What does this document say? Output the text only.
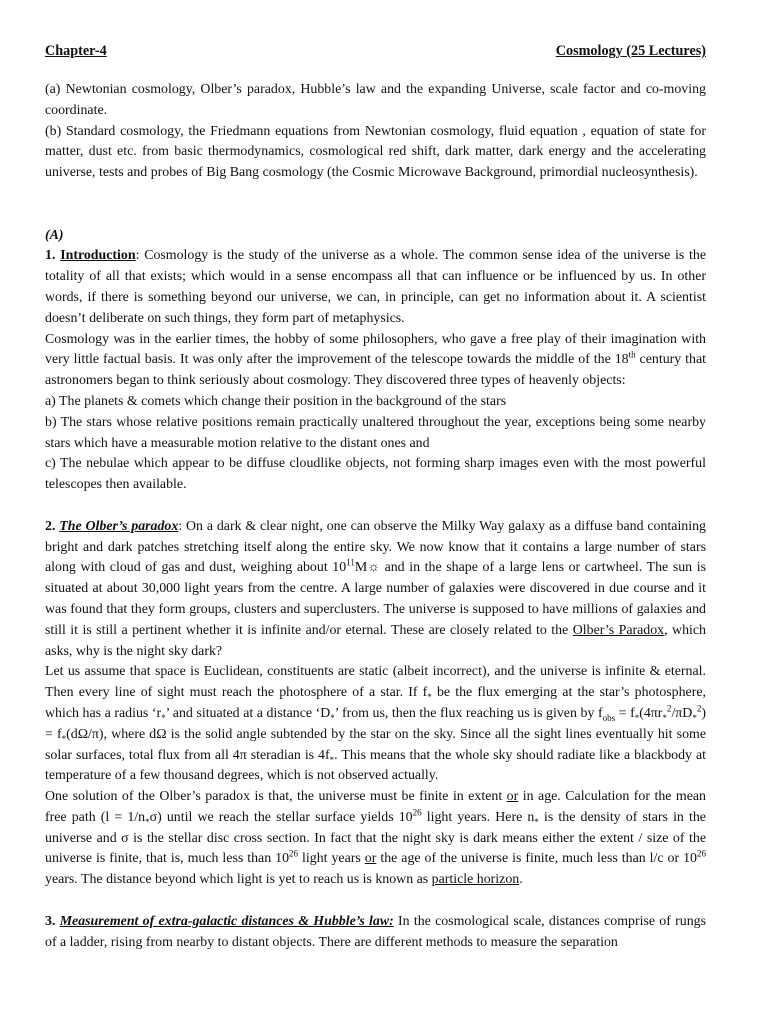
Chapter-4	Cosmology (25 Lectures)

(a) Newtonian cosmology, Olber’s paradox, Hubble’s law and the expanding Universe, scale factor and co-moving coordinate.

(b) Standard cosmology, the Friedmann equations from Newtonian cosmology, fluid equation , equation of state for matter, dust etc. from basic thermodynamics, cosmological red shift, dark matter, dark energy and the accelerating universe, tests and probes of Big Bang cosmology (the Cosmic Microwave Background, primordial nucleosynthesis).

(A)

1. Introduction: Cosmology is the study of the universe as a whole. The common sense idea of the universe is the totality of all that exists; which would in a sense encompass all that can influence or be influenced by us. In other words, if there is something beyond our universe, we can, in principle, can get no information about it. A scientist doesn’t deliberate on such things, they form part of metaphysics.

Cosmology was in the earlier times, the hobby of some philosophers, who gave a free play of their imagination with very little factual basis. It was only after the improvement of the telescope towards the middle of the 18th century that astronomers began to think seriously about cosmology. They discovered three types of heavenly objects:

a) The planets & comets which change their position in the background of the stars

b) The stars whose relative positions remain practically unaltered throughout the year, exceptions being some nearby stars which have a measurable motion relative to the distant ones and

c) The nebulae which appear to be diffuse cloudlike objects, not forming sharp images even with the most powerful telescopes then available.

2. The Olber’s paradox: On a dark & clear night, one can observe the Milky Way galaxy as a diffuse band containing bright and dark patches stretching itself along the entire sky. We now know that it contains a large number of stars along with cloud of gas and dust, weighing about $10^{11}M☼$ and in the shape of a large lens or cartwheel. The sun is situated at about 30,000 light years from the centre. A large number of galaxies were discovered in due course and it was found that they form groups, clusters and superclusters. The universe is supposed to have millions of galaxies and still it is still a pertinent whether it is infinite and/or eternal. These are closely related to the Olber’s Paradox, which asks, why is the night sky dark?

Let us assume that space is Euclidean, constituents are static (albeit incorrect), and the universe is infinite & eternal. Then every line of sight must reach the photosphere of a star. If $f_*$ be the flux emerging at the star’s photosphere, which has a radius ‘$r_*$’ and situated at a distance ‘$D_*$’ from us, then the flux reaching us is given by $f_{obs} = f_*(4\pi r_*^2/\pi D_*^2) = f_*(d\Omega/\pi)$, where dΩ is the solid angle subtended by the star on the sky. Since all the sight lines eventually hit some solar surfaces, total flux from all 4π steradian is $4f_*$. This means that the whole sky should radiate like a blackbody at temperature of a few thousand degrees, which is not observed actually.

One solution of the Olber’s paradox is that, the universe must be finite in extent or in age. Calculation for the mean free path $(l = 1/n_*\sigma)$ until we reach the stellar surface yields $10^{26}$ light years. Here $n_*$ is the density of stars in the universe and σ is the stellar disc cross section. In fact that the night sky is dark means either the extent / size of the universe is finite, that is, much less than $10^{26}$ light years or the age of the universe is finite, much less than l/c or $10^{26}$ years. The distance beyond which light is yet to reach us is known as particle horizon.

3. Measurement of extra-galactic distances & Hubble’s law: In the cosmological scale, distances comprise of rungs of a ladder, rising from nearby to distant objects. There are different methods to measure the separation
